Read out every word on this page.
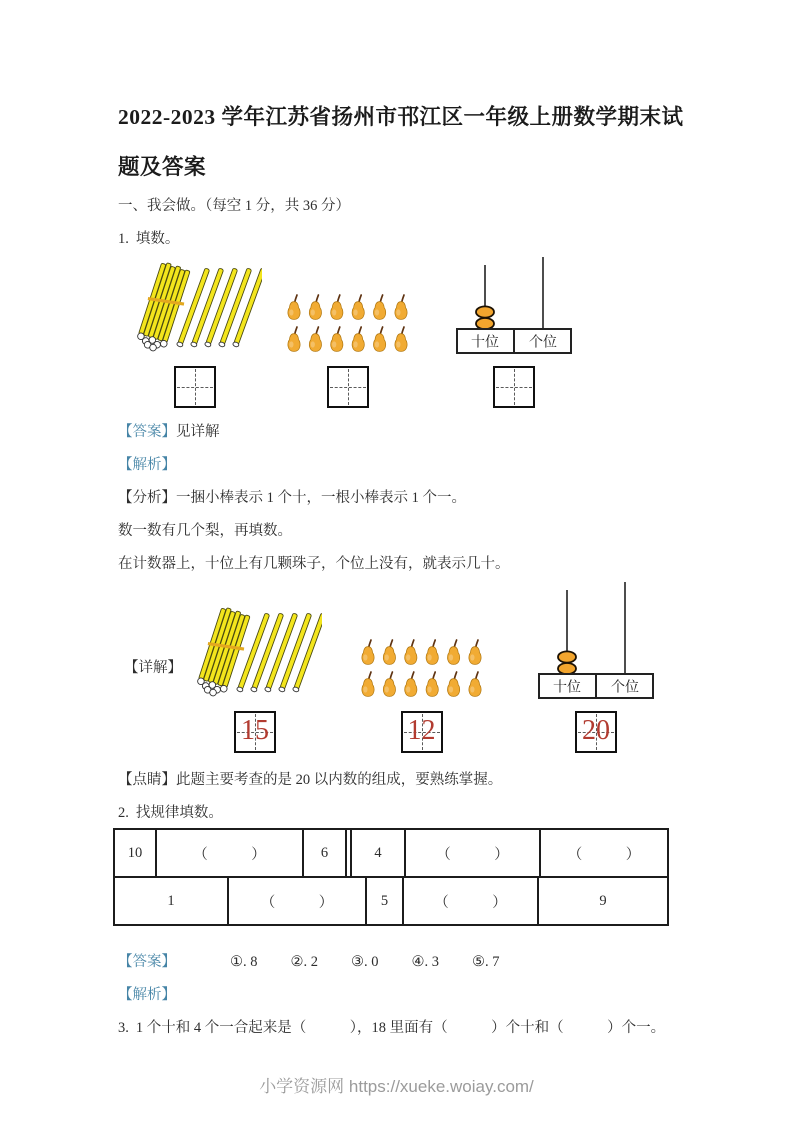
2022-2023 学年江苏省扬州市邗江区一年级上册数学期末试
题及答案
一、我会做。（每空 1 分，共 36 分）
1. 填数。
十位 个位
【答案】见详解
【解析】
【分析】一捆小棒表示 1 个十，一根小棒表示 1 个一。
数一数有几个梨，再填数。
在计数器上，十位上有几颗珠子，个位上没有，就表示几十。
【详解】
15	12
十位 个位
20
【点睛】此题主要考查的是 20 以内数的组成，要熟练掌握。
2. 找规律填数。
10	（　　　）	6	4	（　　　）	（　　　）
1	（　　　）	5	（　　　）	9
【答案】	①. 8 ②. 2 ③. 0 ④. 3 ⑤. 7
【解析】
3. 1 个十和 4 个一合起来是（　　　），18 里面有（　　　）个十和（　　　）个一。
小学资源网 https://xueke.woiay.com/
